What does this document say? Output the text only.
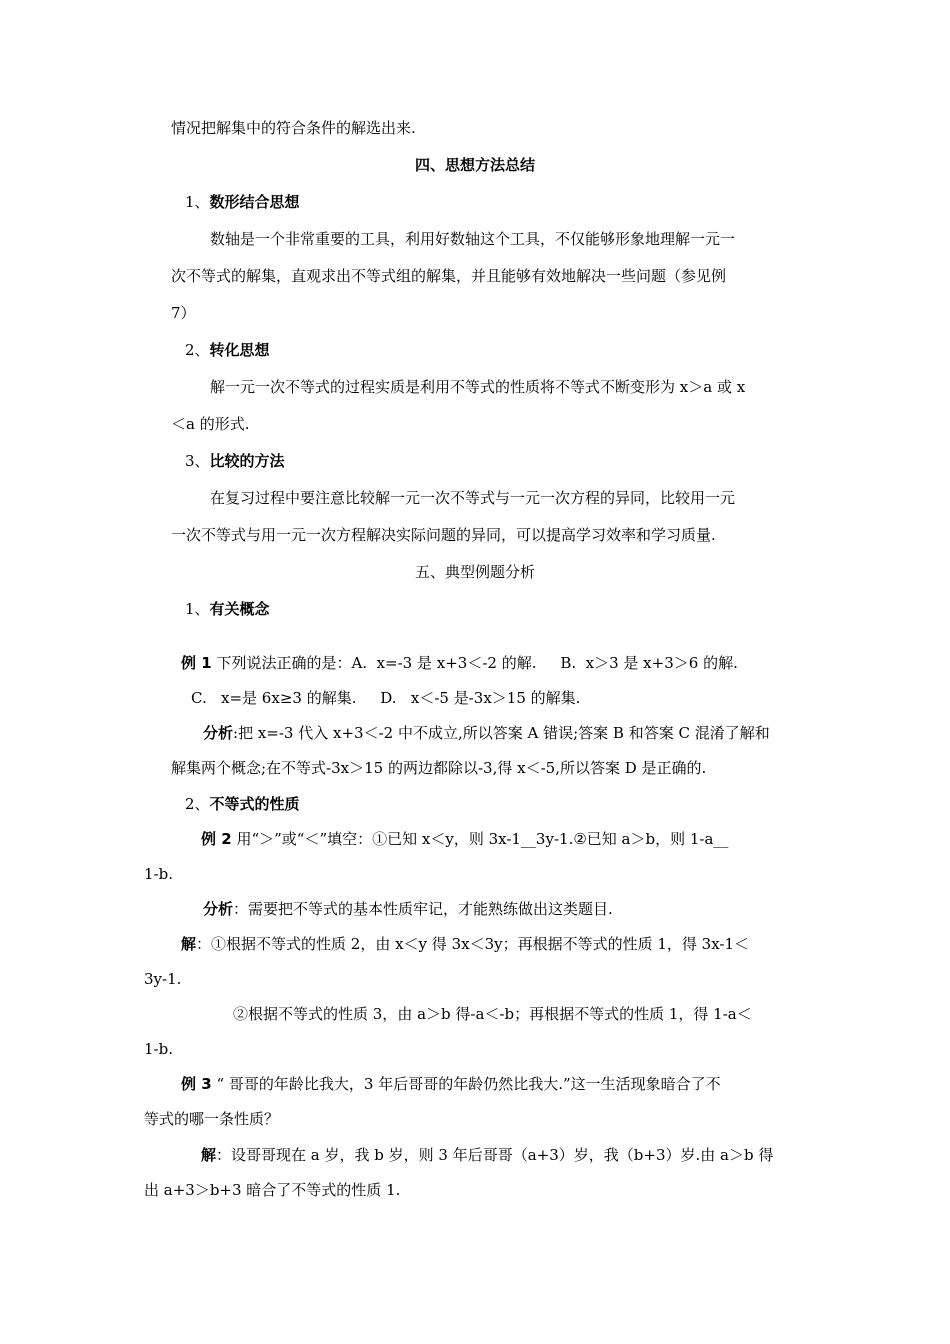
情况把解集中的符合条件的解选出来.
四、思想方法总结
1、数形结合思想
数轴是一个非常重要的工具，利用好数轴这个工具，不仅能够形象地理解一元一
次不等式的解集，直观求出不等式组的解集，并且能够有效地解决一些问题（参见例
7）
2、转化思想
解一元一次不等式的过程实质是利用不等式的性质将不等式不断变形为 x＞a 或 x
＜a 的形式.
3、比较的方法
在复习过程中要注意比较解一元一次不等式与一元一次方程的异同，比较用一元
一次不等式与用一元一次方程解决实际问题的异同，可以提高学习效率和学习质量.
五、典型例题分析
1、有关概念
例 1 下列说法正确的是：A.  x=-3 是 x+3＜-2 的解.     B.  x＞3 是 x+3＞6 的解.
C.   x=是 6x≥3 的解集.     D.   x＜-5 是-3x＞15 的解集.
分析:把 x=-3 代入 x+3＜-2 中不成立,所以答案 A 错误;答案 B 和答案 C 混淆了解和
解集两个概念;在不等式-3x＞15 的两边都除以-3,得 x＜-5,所以答案 D 是正确的.
2、不等式的性质
例 2 用“＞”或“＜”填空：①已知 x＜y，则 3x-1__3y-1.②已知 a＞b，则 1-a__
1-b.
分析：需要把不等式的基本性质牢记，才能熟练做出这类题目.
解：①根据不等式的性质 2，由 x＜y 得 3x＜3y；再根据不等式的性质 1，得 3x-1＜
3y-1.
②根据不等式的性质 3，由 a＞b 得-a＜-b；再根据不等式的性质 1，得 1-a＜
1-b.
例 3 “ 哥哥的年龄比我大，3 年后哥哥的年龄仍然比我大.”这一生活现象暗合了不
等式的哪一条性质？
解：设哥哥现在 a 岁，我 b 岁，则 3 年后哥哥（a+3）岁，我（b+3）岁.由 a＞b 得
出 a+3＞b+3 暗合了不等式的性质 1.
